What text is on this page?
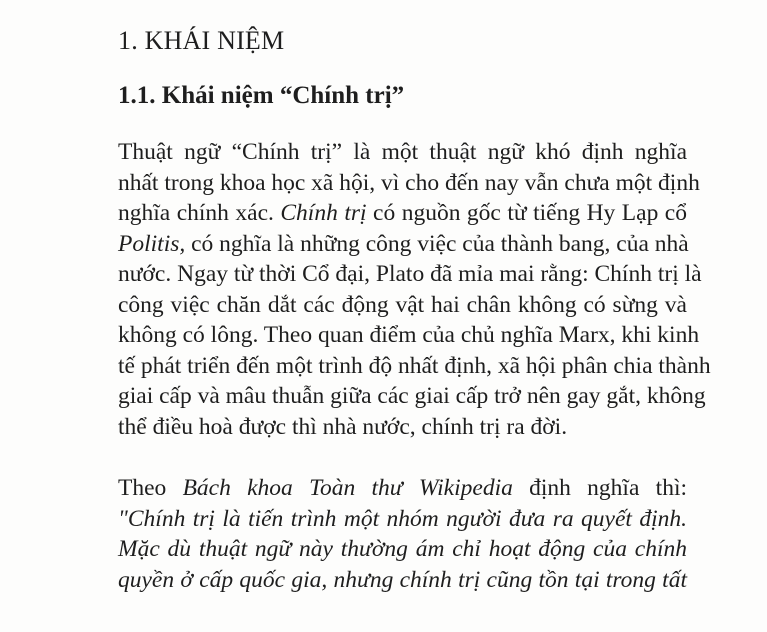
1. KHÁI NIỆM
1.1. Khái niệm “Chính trị”
Thuật ngữ “Chính trị” là một thuật ngữ khó định nghĩa
nhất trong khoa học xã hội, vì cho đến nay vẫn chưa một định
nghĩa chính xác. Chính trị có nguồn gốc từ tiếng Hy Lạp cổ
Politis, có nghĩa là những công việc của thành bang, của nhà
nước. Ngay từ thời Cổ đại, Plato đã mỉa mai rằng: Chính trị là
công việc chăn dắt các động vật hai chân không có sừng và
không có lông. Theo quan điểm của chủ nghĩa Marx, khi kinh
tế phát triển đến một trình độ nhất định, xã hội phân chia thành
giai cấp và mâu thuẫn giữa các giai cấp trở nên gay gắt, không
thể điều hoà được thì nhà nước, chính trị ra đời.
Theo Bách khoa Toàn thư Wikipedia định nghĩa thì:
"Chính trị là tiến trình một nhóm người đưa ra quyết định.
Mặc dù thuật ngữ này thường ám chỉ hoạt động của chính
quyền ở cấp quốc gia, nhưng chính trị cũng tồn tại trong tất
